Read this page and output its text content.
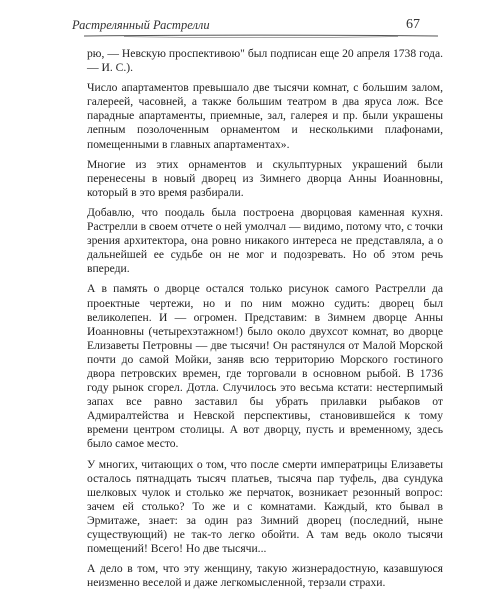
Растрелянный Растрелли	67

рю, — Невскую проспективою" был подписан еще 20 апреля 1738 года. — И. С.).

Число апартаментов превышало две тысячи комнат, с большим залом, галереей, часовней, а также большим театром в два яруса лож. Все парадные апартаменты, приемные, зал, галерея и пр. были украшены лепным позолоченным орнаментом и несколькими плафонами, помещенными в главных апартаментах».

Многие из этих орнаментов и скульптурных украшений были перенесены в новый дворец из Зимнего дворца Анны Иоанновны, который в это время разбирали.

Добавлю, что поодаль была построена дворцовая каменная кухня. Растрелли в своем отчете о ней умолчал — видимо, потому что, с точки зрения архитектора, она ровно никакого интереса не представляла, а о дальнейшей ее судьбе он не мог и подозревать. Но об этом речь впереди.

А в память о дворце остался только рисунок самого Растрелли да проектные чертежи, но и по ним можно судить: дворец был великолепен. И — огромен. Представим: в Зимнем дворце Анны Иоанновны (четырехэтажном!) было около двухсот комнат, во дворце Елизаветы Петровны — две тысячи! Он растянулся от Малой Морской почти до самой Мойки, заняв всю территорию Морского гостиного двора петровских времен, где торговали в основном рыбой. В 1736 году рынок сгорел. Дотла. Случилось это весьма кстати: нестерпимый запах все равно заставил бы убрать прилавки рыбаков от Адмиралтейства и Невской перспективы, становившейся к тому времени центром столицы. А вот дворцу, пусть и временному, здесь было самое место.

У многих, читающих о том, что после смерти императрицы Елизаветы осталось пятнадцать тысяч платьев, тысяча пар туфель, два сундука шелковых чулок и столько же перчаток, возникает резонный вопрос: зачем ей столько? То же и с комнатами. Каждый, кто бывал в Эрмитаже, знает: за один раз Зимний дворец (последний, ныне существующий) не так-то легко обойти. А там ведь около тысячи помещений! Всего! Но две тысячи...

А дело в том, что эту женщину, такую жизнерадостную, казавшуюся неизменно веселой и даже легкомысленной, терзали страхи.
